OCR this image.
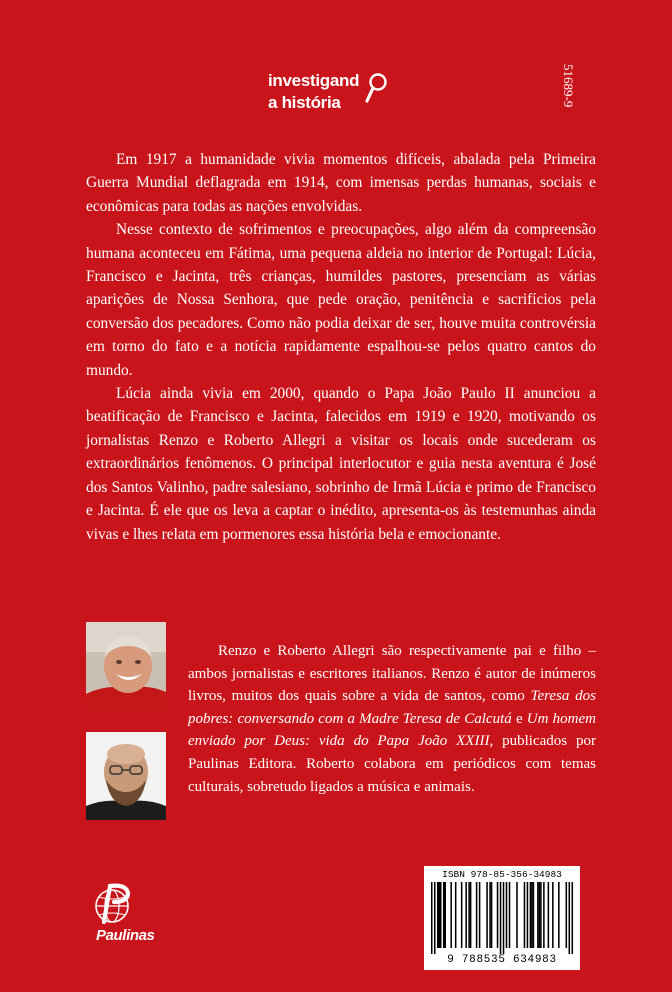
investigand
a história	51689-9

Em 1917 a humanidade vivia momentos difíceis, abalada pela Primeira Guerra Mundial deflagrada em 1914, com imensas perdas humanas, sociais e econômicas para todas as nações envolvidas.

Nesse contexto de sofrimentos e preocupações, algo além da compreensão humana aconteceu em Fátima, uma pequena aldeia no interior de Portugal: Lúcia, Francisco e Jacinta, três crianças, humildes pastores, presenciam as várias aparições de Nossa Senhora, que pede oração, penitência e sacrifícios pela conversão dos pecadores. Como não podia deixar de ser, houve muita controvérsia em torno do fato e a notícia rapidamente espalhou-se pelos quatro cantos do mundo.

Lúcia ainda vivia em 2000, quando o Papa João Paulo II anunciou a beatificação de Francisco e Jacinta, falecidos em 1919 e 1920, motivando os jornalistas Renzo e Roberto Allegri a visitar os locais onde sucederam os extraordinários fenômenos. O principal interlocutor e guia nesta aventura é José dos Santos Valinho, padre salesiano, sobrinho de Irmã Lúcia e primo de Francisco e Jacinta. É ele que os leva a captar o inédito, apresenta-os às testemunhas ainda vivas e lhes relata em pormenores essa história bela e emocionante.

Renzo e Roberto Allegri são respectivamente pai e filho – ambos jornalistas e escritores italianos. Renzo é autor de inúmeros livros, muitos dos quais sobre a vida de santos, como Teresa dos pobres: conversando com a Madre Teresa de Calcutá e Um homem enviado por Deus: vida do Papa João XXIII, publicados por Paulinas Editora. Roberto colabora em periódicos com temas culturais, sobretudo ligados a música e animais.

Paulinas
ISBN 978-85-356-34983
9 788535 634983
